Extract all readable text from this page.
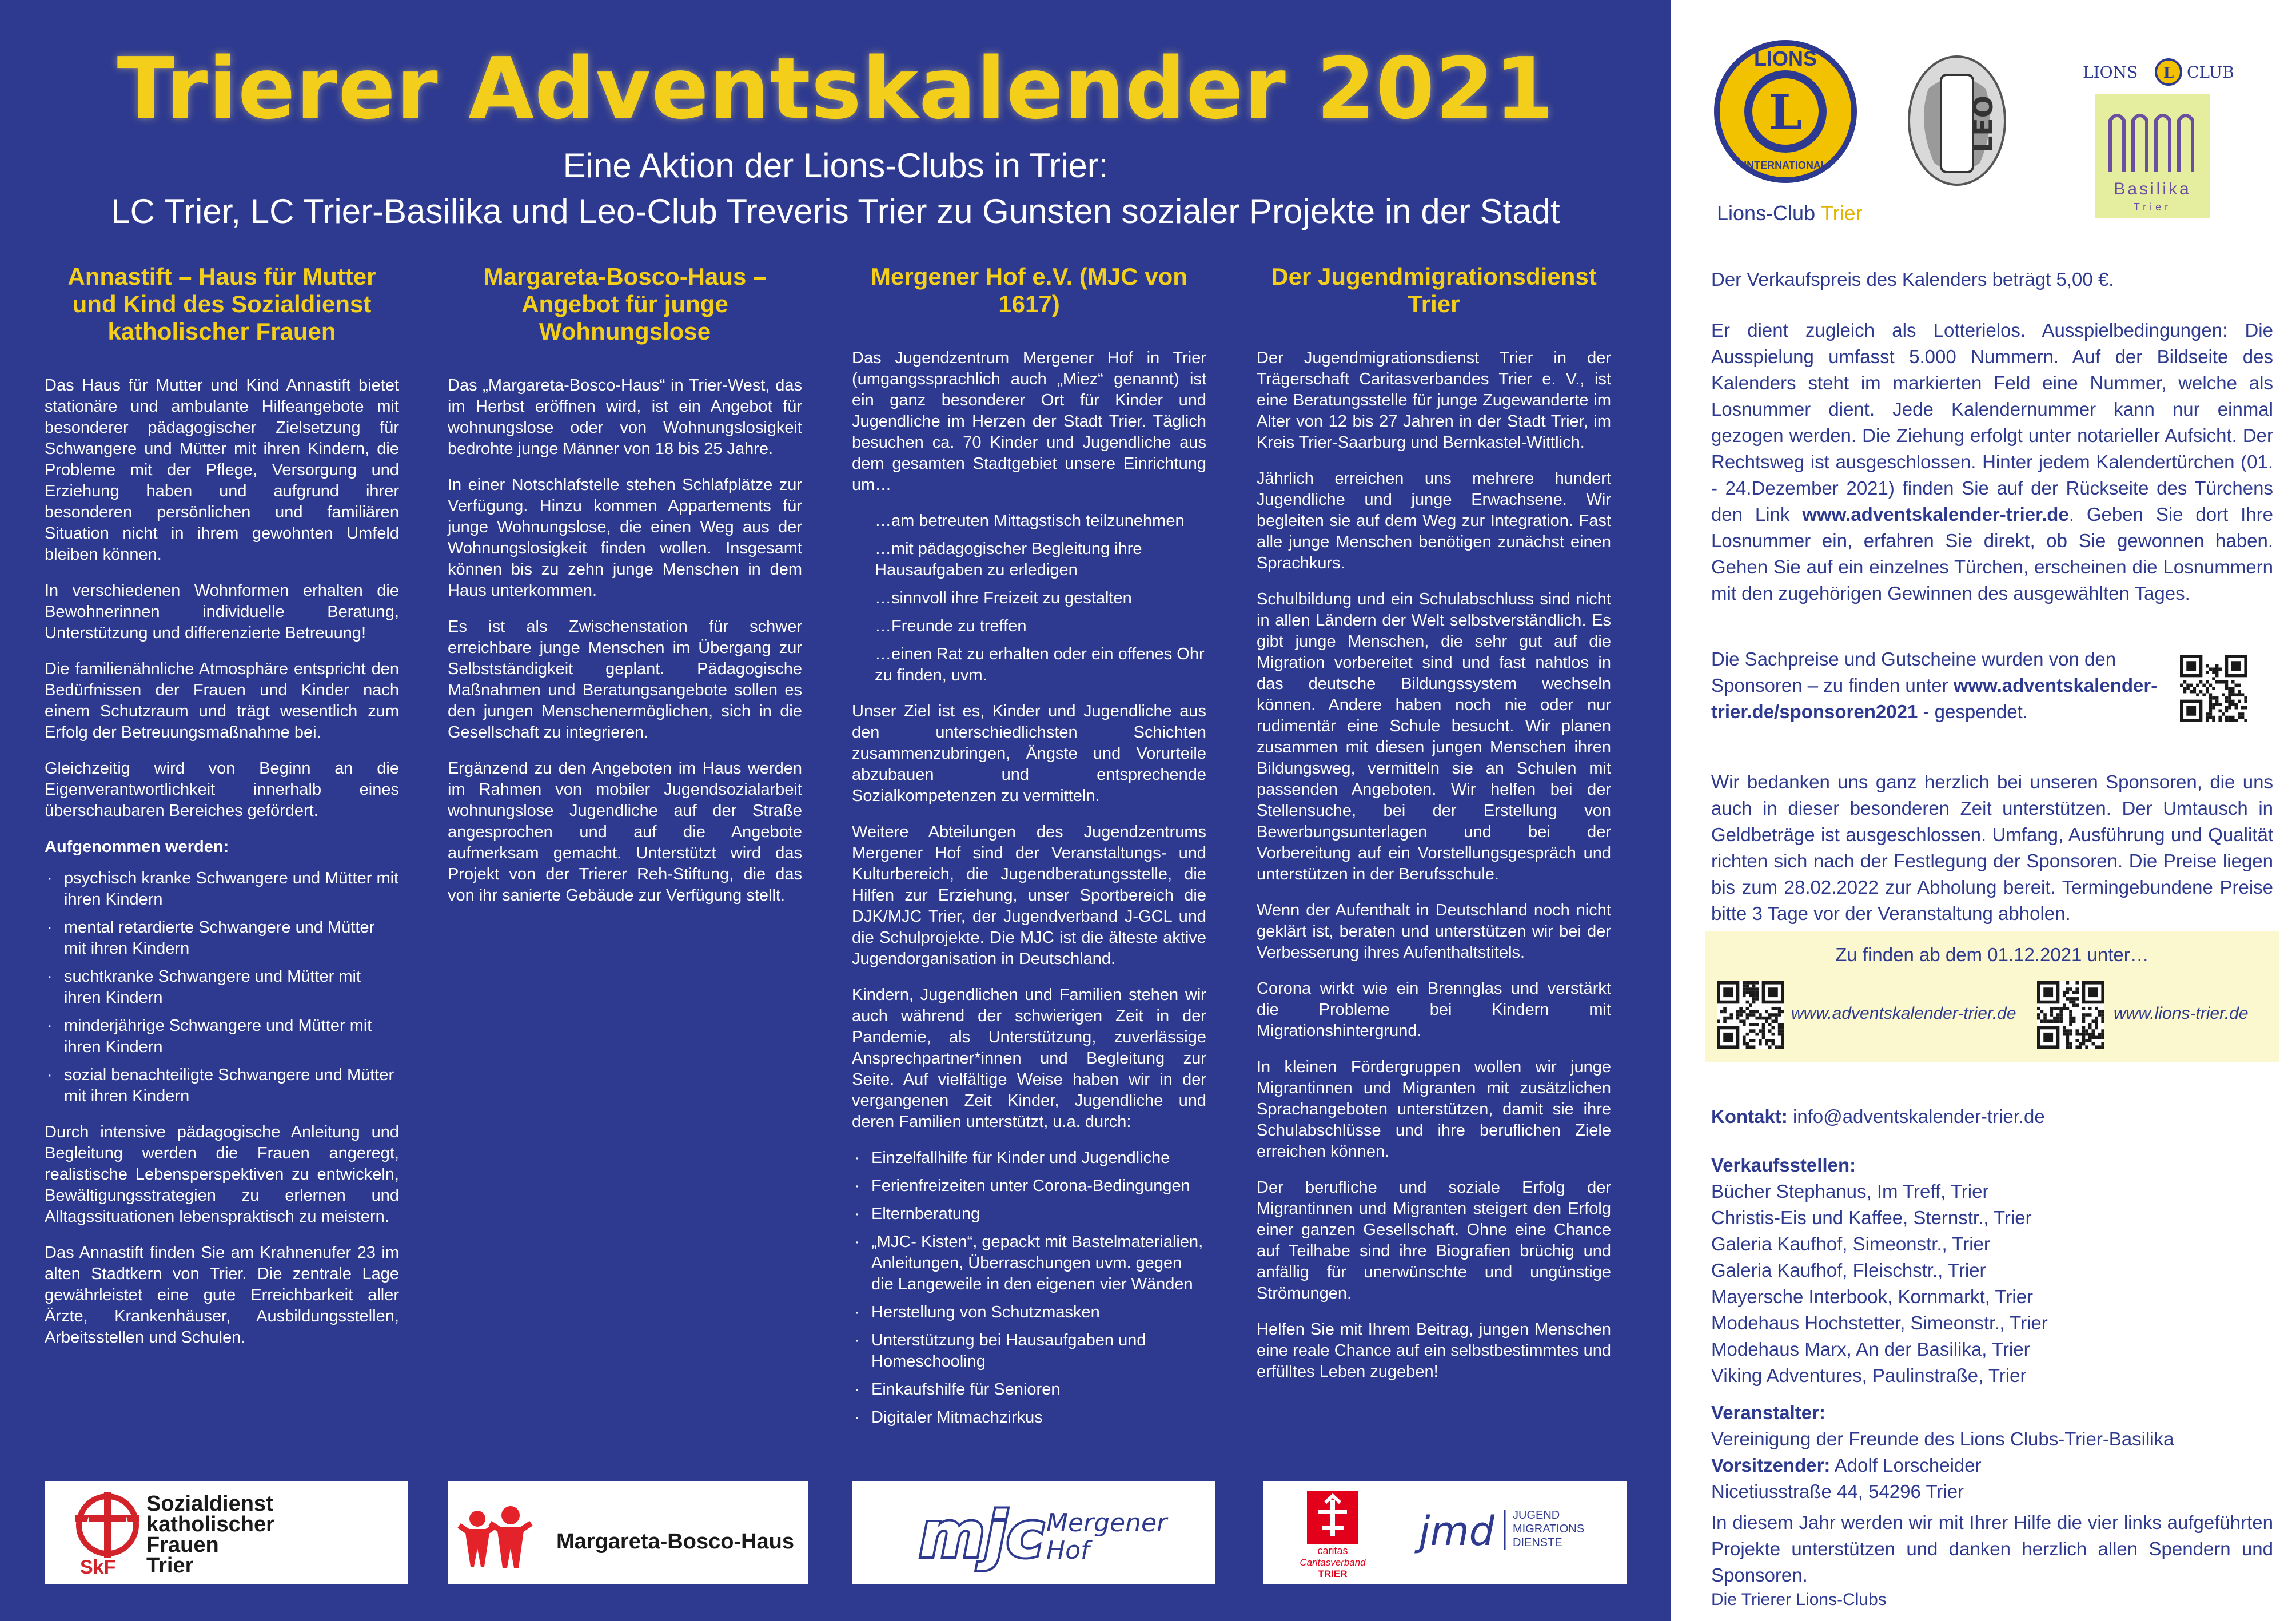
Trierer Adventskalender 2021
Eine Aktion der Lions-Clubs in Trier:
LC Trier, LC Trier-Basilika und Leo-Club Treveris Trier zu Gunsten sozialer Projekte in der Stadt
Annastift – Haus für Mutter und Kind des Sozialdienst katholischer Frauen

Das Haus für Mutter und Kind Annastift bietet stationäre und ambulante Hilfeangebote mit besonderer pädagogischer Zielsetzung für Schwangere und Mütter mit ihren Kindern, die Probleme mit der Pflege, Versorgung und Erziehung haben und aufgrund ihrer besonderen persönlichen und familiären Situation nicht in ihrem gewohnten Umfeld bleiben können.

In verschiedenen Wohnformen erhalten die Bewohnerinnen individuelle Beratung, Unterstützung und differenzierte Betreuung!

Die familienähnliche Atmosphäre entspricht den Bedürfnissen der Frauen und Kinder nach einem Schutzraum und trägt wesentlich zum Erfolg der Betreuungsmaßnahme bei.

Gleichzeitig wird von Beginn an die Eigenverantwortlichkeit innerhalb eines überschaubaren Bereiches gefördert.

Aufgenommen werden:

· psychisch kranke Schwangere und Mütter mit ihren Kindern
· mental retardierte Schwangere und Mütter mit ihren Kindern
· suchtkranke Schwangere und Mütter mit ihren Kindern
· minderjährige Schwangere und Mütter mit ihren Kindern
· sozial benachteiligte Schwangere und Mütter mit ihren Kindern

Durch intensive pädagogische Anleitung und Begleitung werden die Frauen angeregt, realistische Lebensperspektiven zu entwickeln, Bewältigungsstrategien zu erlernen und Alltagssituationen lebenspraktisch zu meistern.

Das Annastift finden Sie am Krahnenufer 23 im alten Stadtkern von Trier. Die zentrale Lage gewährleistet eine gute Erreichbarkeit aller Ärzte, Krankenhäuser, Ausbildungsstellen, Arbeitsstellen und Schulen.

Margareta-Bosco-Haus – Angebot für junge Wohnungslose

Das „Margareta-Bosco-Haus“ in Trier-West, das im Herbst eröffnen wird, ist ein Angebot für wohnungslose oder von Wohnungslosigkeit bedrohte junge Männer von 18 bis 25 Jahre.

In einer Notschlafstelle stehen Schlafplätze zur Verfügung. Hinzu kommen Appartements für junge Wohnungslose, die einen Weg aus der Wohnungslosigkeit finden wollen. Insgesamt können bis zu zehn junge Menschen in dem Haus unterkommen.

Es ist als Zwischenstation für schwer erreichbare junge Menschen im Übergang zur Selbstständigkeit geplant. Pädagogische Maßnahmen und Beratungsangebote sollen es den jungen Menschenermöglichen, sich in die Gesellschaft zu integrieren.

Ergänzend zu den Angeboten im Haus werden im Rahmen von mobiler Jugendsozialarbeit wohnungslose Jugendliche auf der Straße angesprochen und auf die Angebote aufmerksam gemacht. Unterstützt wird das Projekt von der Trierer Reh-Stiftung, die das von ihr sanierte Gebäude zur Verfügung stellt.

Mergener Hof e.V. (MJC von 1617)

Das Jugendzentrum Mergener Hof in Trier (umgangssprachlich auch „Miez“ genannt) ist ein ganz besonderer Ort für Kinder und Jugendliche im Herzen der Stadt Trier. Täglich besuchen ca. 70 Kinder und Jugendliche aus dem gesamten Stadtgebiet unsere Einrichtung um…

…am betreuten Mittagstisch teilzunehmen
…mit pädagogischer Begleitung ihre Hausaufgaben zu erledigen
…sinnvoll ihre Freizeit zu gestalten
…Freunde zu treffen
…einen Rat zu erhalten oder ein offenes Ohr zu finden, uvm.

Unser Ziel ist es, Kinder und Jugendliche aus den unterschiedlichsten Schichten zusammenzubringen, Ängste und Vorurteile abzubauen und entsprechende Sozialkompetenzen zu vermitteln.

Weitere Abteilungen des Jugendzentrums Mergener Hof sind der Veranstaltungs- und Kulturbereich, die Jugendberatungsstelle, die Hilfen zur Erziehung, unser Sportbereich die DJK/MJC Trier, der Jugendverband J-GCL und die Schulprojekte. Die MJC ist die älteste aktive Jugendorganisation in Deutschland.

Kindern, Jugendlichen und Familien stehen wir auch während der schwierigen Zeit in der Pandemie, als Unterstützung, zuverlässige Ansprechpartner*innen und Begleitung zur Seite. Auf vielfältige Weise haben wir in der vergangenen Zeit Kinder, Jugendliche und deren Familien unterstützt, u.a. durch:

· Einzelfallhilfe für Kinder und Jugendliche
· Ferienfreizeiten unter Corona-Bedingungen
· Elternberatung
· „MJC- Kisten“, gepackt mit Bastelmaterialien, Anleitungen, Überraschungen uvm. gegen die Langeweile in den eigenen vier Wänden
· Herstellung von Schutzmasken
· Unterstützung bei Hausaufgaben und Homeschooling
· Einkaufshilfe für Senioren
· Digitaler Mitmachzirkus
Der Jugendmigrationsdienst Trier

Der Jugendmigrationsdienst Trier in der Trägerschaft Caritasverbandes Trier e. V., ist eine Beratungsstelle für junge Zugewanderte im Alter von 12 bis 27 Jahren in der Stadt Trier, im Kreis Trier-Saarburg und Bernkastel-Wittlich.

Jährlich erreichen uns mehrere hundert Jugendliche und junge Erwachsene. Wir begleiten sie auf dem Weg zur Integration. Fast alle junge Menschen benötigen zunächst einen Sprachkurs.

Schulbildung und ein Schulabschluss sind nicht in allen Ländern der Welt selbstverständlich. Es gibt junge Menschen, die sehr gut auf die Migration vorbereitet sind und fast nahtlos in das deutsche Bildungssystem wechseln können. Andere haben noch nie oder nur rudimentär eine Schule besucht. Wir planen zusammen mit diesen jungen Menschen ihren Bildungsweg, vermitteln sie an Schulen mit passenden Angeboten. Wir helfen bei der Stellensuche, bei der Erstellung von Bewerbungsunterlagen und bei der Vorbereitung auf ein Vorstellungsgespräch und unterstützen in der Berufsschule.

Wenn der Aufenthalt in Deutschland noch nicht geklärt ist, beraten und unterstützen wir bei der Verbesserung ihres Aufenthaltstitels.

Corona wirkt wie ein Brennglas und verstärkt die Probleme bei Kindern mit Migrationshintergrund.

In kleinen Fördergruppen wollen wir junge Migrantinnen und Migranten mit zusätzlichen Sprachangeboten unterstützen, damit sie ihre Schulabschlüsse und ihre beruflichen Ziele erreichen können.

Der berufliche und soziale Erfolg der Migrantinnen und Migranten steigert den Erfolg einer ganzen Gesellschaft. Ohne eine Chance auf Teilhabe sind ihre Biografien brüchig und anfällig für unerwünschte und ungünstige Strömungen.

Helfen Sie mit Ihrem Beitrag, jungen Menschen eine reale Chance auf ein selbstbestimmtes und erfülltes Leben zugeben!

SkF
Sozialdienst
katholischer
Frauen
Trier
Margareta-Bosco-Haus mjc Mergener
Hof	caritas
Caritasverband
TRIER
jmd JUGEND
MIGRATIONS
DIENSTE
L
LIONS
INTERNATIONAL
Lions-Club Trier
LEO
LIONS L CLUB
Basilika
Trier
Der Verkaufspreis des Kalenders beträgt 5,00 €.
Er dient zugleich als Lotterielos. Ausspielbedingungen: Die Ausspielung umfasst 5.000 Nummern. Auf der Bildseite des Kalenders steht im markierten Feld eine Nummer, welche als Losnummer dient. Jede Kalendernummer kann nur einmal gezogen werden. Die Ziehung erfolgt unter notarieller Aufsicht. Der Rechtsweg ist ausgeschlossen. Hinter jedem Kalendertürchen (01. - 24.Dezember 2021) finden Sie auf der Rückseite des Türchens den Link www.adventskalender-trier.de. Geben Sie dort Ihre Losnummer ein, erfahren Sie direkt, ob Sie gewonnen haben. Gehen Sie auf ein einzelnes Türchen, erscheinen die Losnummern mit den zugehörigen Gewinnen des ausgewählten Tages.
Die Sachpreise und Gutscheine wurden von den Sponsoren – zu finden unter www.adventskalender-trier.de/sponsoren2021 - gespendet.
Wir bedanken uns ganz herzlich bei unseren Sponsoren, die uns auch in dieser besonderen Zeit unterstützen. Der Umtausch in Geldbeträge ist ausgeschlossen. Umfang, Ausführung und Qualität richten sich nach der Festlegung der Sponsoren. Die Preise liegen bis zum 28.02.2022 zur Abholung bereit. Termingebundene Preise bitte 3 Tage vor der Veranstaltung abholen.
Kontakt: info@adventskalender-trier.de

Verkaufsstellen:

Bücher Stephanus, Im Treff, Trier

Christis-Eis und Kaffee, Sternstr., Trier

Galeria Kaufhof, Simeonstr., Trier

Galeria Kaufhof, Fleischstr., Trier

Mayersche Interbook, Kornmarkt, Trier

Modehaus Hochstetter, Simeonstr., Trier

Modehaus Marx, An der Basilika, Trier

Viking Adventures, Paulinstraße, Trier

Veranstalter:

Vereinigung der Freunde des Lions Clubs-Trier-Basilika

Vorsitzender: Adolf Lorscheider

Nicetiusstraße 44, 54296 Trier

In diesem Jahr werden wir mit Ihrer Hilfe die vier links aufgeführten Projekte unterstützen und danken herzlich allen Spendern und Sponsoren.
Die Trierer Lions-Clubs
Zu finden ab dem 01.12.2021 unter…
www.adventskalender-trier.de	www.lions-trier.de
